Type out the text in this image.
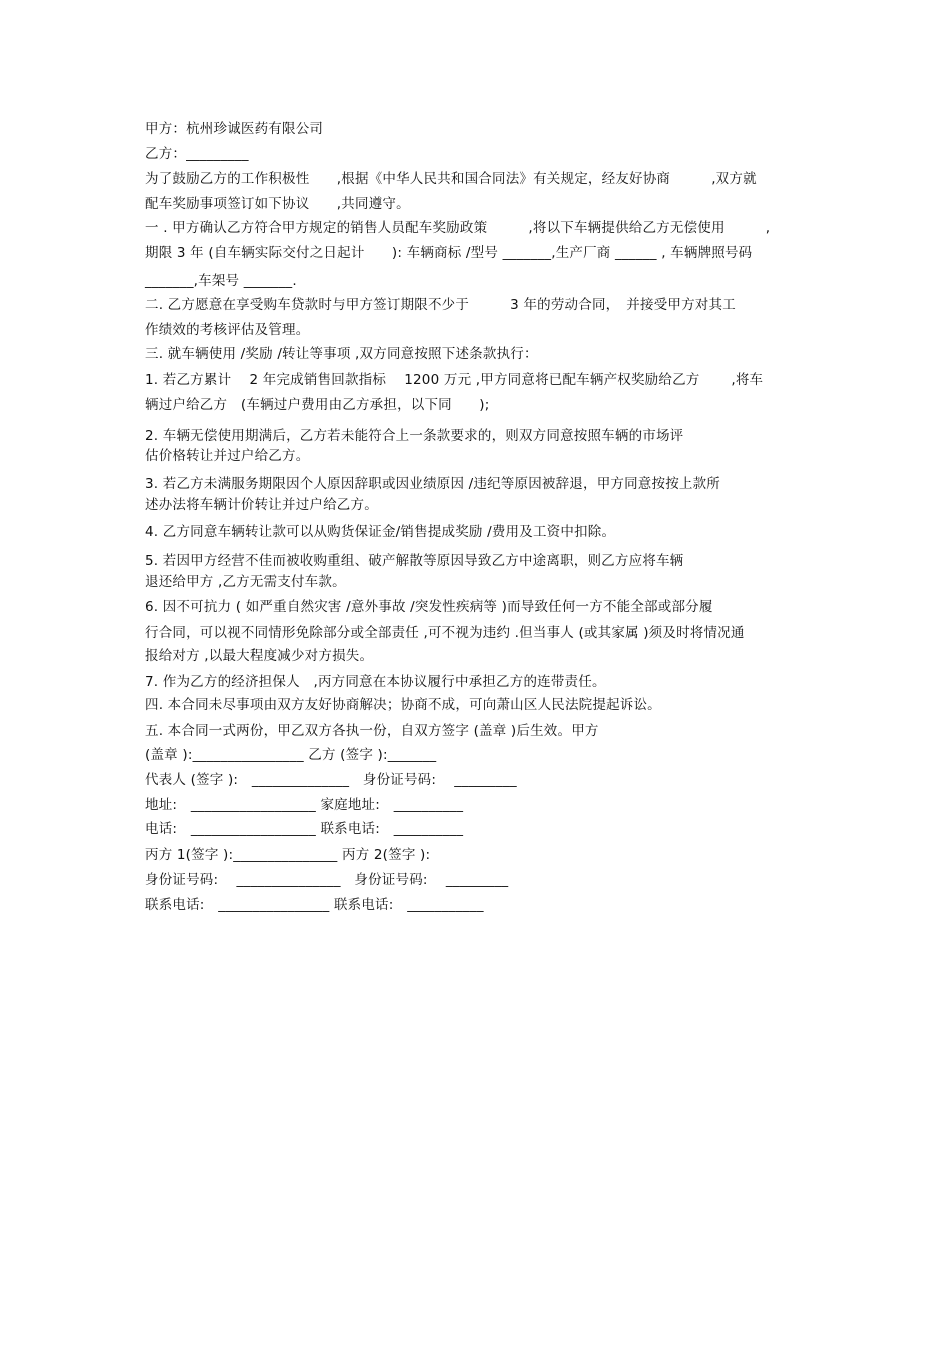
甲方：杭州珍诚医药有限公司
乙方：_________
为了鼓励乙方的工作积极性　　,根据《中华人民共和国合同法》有关规定，经友好协商　　　,双方就
配车奖励事项签订如下协议　　,共同遵守。
一 . 甲方确认乙方符合甲方规定的销售人员配车奖励政策　　　,将以下车辆提供给乙方无偿使用　　　,
期限 3 年 (自车辆实际交付之日起计　　): 车辆商标 /型号 _______,生产厂商 ______ , 车辆牌照号码
_______,车架号 _______.
二. 乙方愿意在享受购车贷款时与甲方签订期限不少于　　　3 年的劳动合同，　并接受甲方对其工
作绩效的考核评估及管理。
三. 就车辆使用 /奖励 /转让等事项 ,双方同意按照下述条款执行：
1. 若乙方累计　 2 年完成销售回款指标　 1200 万元 ,甲方同意将已配车辆产权奖励给乙方　　 ,将车
辆过户给乙方　(车辆过户费用由乙方承担，以下同　　);
2. 车辆无偿使用期满后，乙方若未能符合上一条款要求的，则双方同意按照车辆的市场评
估价格转让并过户给乙方。
3. 若乙方未满服务期限因个人原因辞职或因业绩原因 /违纪等原因被辞退，甲方同意按按上款所
述办法将车辆计价转让并过户给乙方。
4. 乙方同意车辆转让款可以从购货保证金/销售提成奖励 /费用及工资中扣除。
5. 若因甲方经营不佳而被收购重组、破产解散等原因导致乙方中途离职，则乙方应将车辆
退还给甲方 ,乙方无需支付车款。
6. 因不可抗力 ( 如严重自然灾害 /意外事故 /突发性疾病等 )而导致任何一方不能全部或部分履
行合同，可以视不同情形免除部分或全部责任 ,可不视为违约 .但当事人 (或其家属 )须及时将情况通
报给对方 ,以最大程度减少对方损失。
7. 作为乙方的经济担保人　,丙方同意在本协议履行中承担乙方的连带责任。
四. 本合同未尽事项由双方友好协商解决；协商不成，可向萧山区人民法院提起诉讼。
五. 本合同一式两份，甲乙双方各执一份，自双方签字 (盖章 )后生效。甲方
(盖章 ):________________ 乙方 (签字 ):_______
代表人 (签字 ):　______________　身份证号码:　 _________
地址:　__________________ 家庭地址:　__________
电话:　__________________ 联系电话:　__________
丙方 1(签字 ):_______________ 丙方 2(签字 ):
身份证号码:　 _______________　身份证号码:　 _________
联系电话:　________________ 联系电话:　___________
